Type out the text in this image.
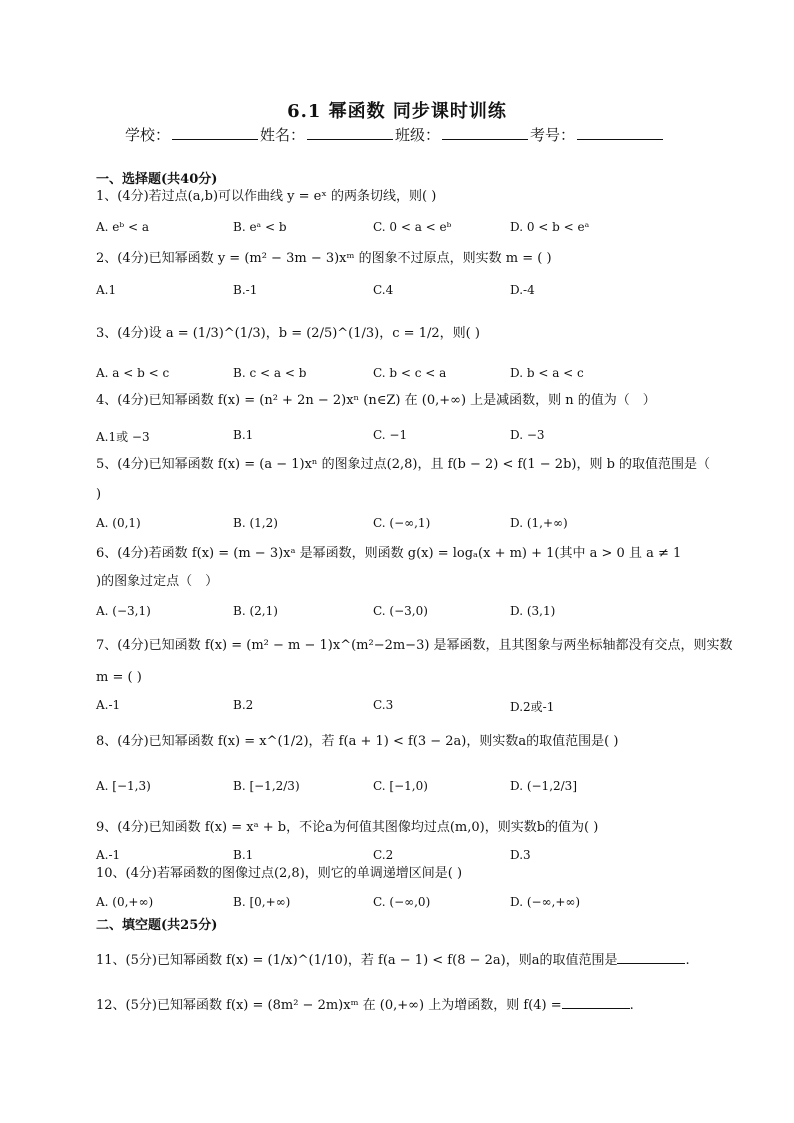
6.1 幂函数 同步课时训练
学校：	姓名：	班级：	考号：
一、选择题(共40分)
1、(4分)若过点(a,b)可以作曲线 y = eˣ 的两条切线，则( )
A. eᵇ < a	B. eᵃ < b	C. 0 < a < eᵇ	D. 0 < b < eᵃ
2、(4分)已知幂函数 y = (m² − 3m − 3)xᵐ 的图象不过原点，则实数 m = ( )
A.1	B.-1	C.4	D.-4
3、(4分)设 a = (1/3)^(1/3)，b = (2/5)^(1/3)，c = 1/2，则( )
A. a < b < c	B. c < a < b	C. b < c < a	D. b < a < c
4、(4分)已知幂函数 f(x) = (n² + 2n − 2)xⁿ (n∈Z) 在 (0,+∞) 上是减函数，则 n 的值为（　）
A.1或 −3	B.1	C. −1	D. −3
5、(4分)已知幂函数 f(x) = (a − 1)xⁿ 的图象过点(2,8)，且 f(b − 2) < f(1 − 2b)，则 b 的取值范围是（
)
A. (0,1)	B. (1,2)	C. (−∞,1)	D. (1,+∞)
6、(4分)若函数 f(x) = (m − 3)xᵃ 是幂函数，则函数 g(x) = logₐ(x + m) + 1(其中 a > 0 且 a ≠ 1
)的图象过定点（　）
A. (−3,1)	B. (2,1)	C. (−3,0)	D. (3,1)
7、(4分)已知函数 f(x) = (m² − m − 1)x^(m²−2m−3) 是幂函数，且其图象与两坐标轴都没有交点，则实数
m = ( )
A.-1	B.2	C.3	D.2或-1
8、(4分)已知幂函数 f(x) = x^(1/2)，若 f(a + 1) < f(3 − 2a)，则实数a的取值范围是( )
A. [−1,3)	B. [−1,2/3)	C. [−1,0)	D. (−1,2/3]
9、(4分)已知函数 f(x) = xᵃ + b，不论a为何值其图像均过点(m,0)，则实数b的值为( )
A.-1	B.1	C.2	D.3
10、(4分)若幂函数的图像过点(2,8)，则它的单调递增区间是( )
A. (0,+∞)	B. [0,+∞)	C. (−∞,0)	D. (−∞,+∞)
二、填空题(共25分)
11、(5分)已知幂函数 f(x) = (1/x)^(1/10)，若 f(a − 1) < f(8 − 2a)，则a的取值范围是	.
12、(5分)已知幂函数 f(x) = (8m² − 2m)xᵐ 在 (0,+∞) 上为增函数，则 f(4) =	.
